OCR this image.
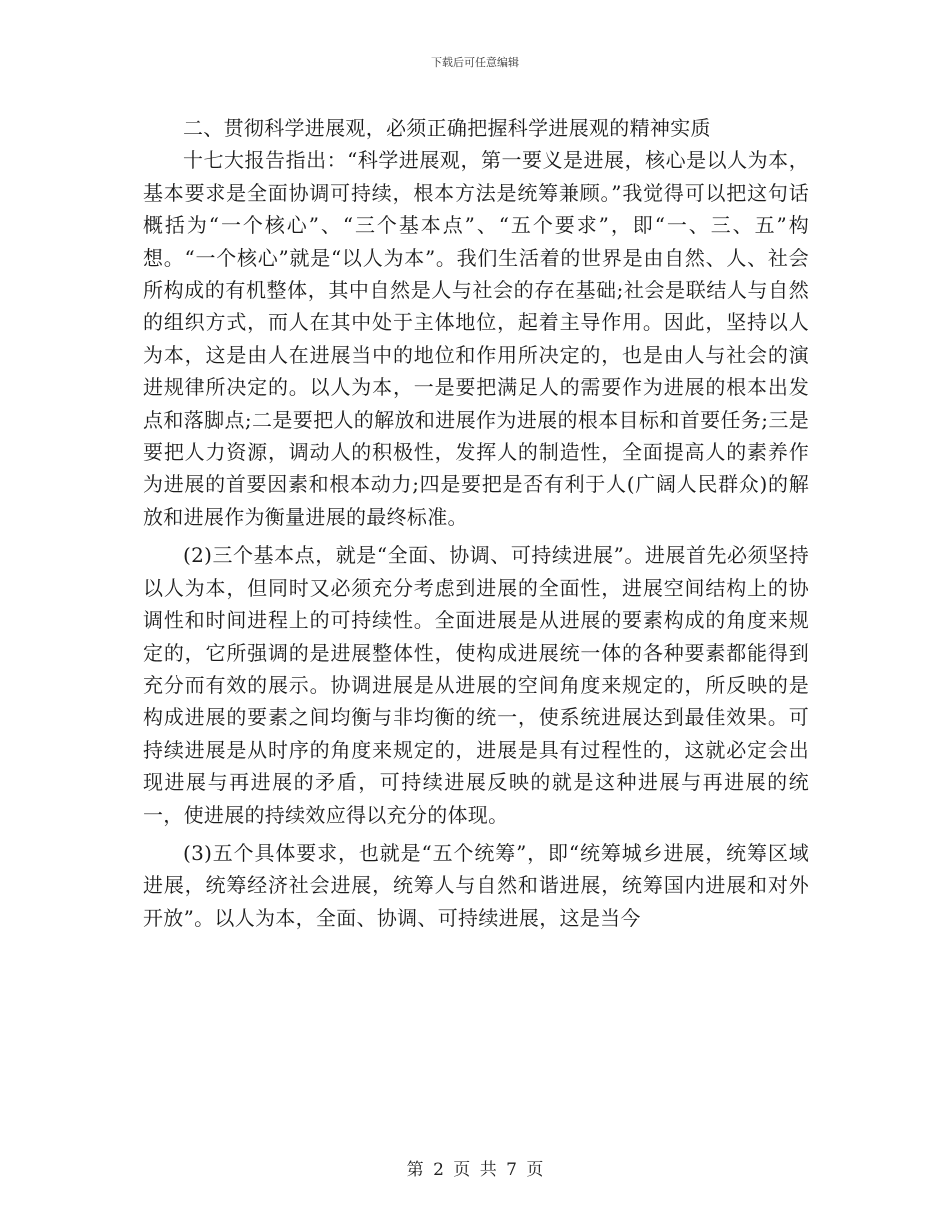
下载后可任意编辑

二、贯彻科学进展观，必须正确把握科学进展观的精神实质

十七大报告指出：“科学进展观，第一要义是进展，核心是以人为本，基本要求是全面协调可持续，根本方法是统筹兼顾。”我觉得可以把这句话概括为“一个核心”、“三个基本点”、“五个要求”，即“一、三、五”构想。“一个核心”就是“以人为本”。我们生活着的世界是由自然、人、社会所构成的有机整体，其中自然是人与社会的存在基础;社会是联结人与自然的组织方式，而人在其中处于主体地位，起着主导作用。因此，坚持以人为本，这是由人在进展当中的地位和作用所决定的，也是由人与社会的演进规律所决定的。以人为本，一是要把满足人的需要作为进展的根本出发点和落脚点;二是要把人的解放和进展作为进展的根本目标和首要任务;三是要把人力资源，调动人的积极性，发挥人的制造性，全面提高人的素养作为进展的首要因素和根本动力;四是要把是否有利于人(广阔人民群众)的解放和进展作为衡量进展的最终标准。

(2)三个基本点，就是“全面、协调、可持续进展”。进展首先必须坚持以人为本，但同时又必须充分考虑到进展的全面性，进展空间结构上的协调性和时间进程上的可持续性。全面进展是从进展的要素构成的角度来规定的，它所强调的是进展整体性，使构成进展统一体的各种要素都能得到充分而有效的展示。协调进展是从进展的空间角度来规定的，所反映的是构成进展的要素之间均衡与非均衡的统一，使系统进展达到最佳效果。可持续进展是从时序的角度来规定的，进展是具有过程性的，这就必定会出现进展与再进展的矛盾，可持续进展反映的就是这种进展与再进展的统一，使进展的持续效应得以充分的体现。

(3)五个具体要求，也就是“五个统筹”，即“统筹城乡进展，统筹区域进展，统筹经济社会进展，统筹人与自然和谐进展，统筹国内进展和对外开放”。以人为本，全面、协调、可持续进展，这是当今

第 2 页 共 7 页
